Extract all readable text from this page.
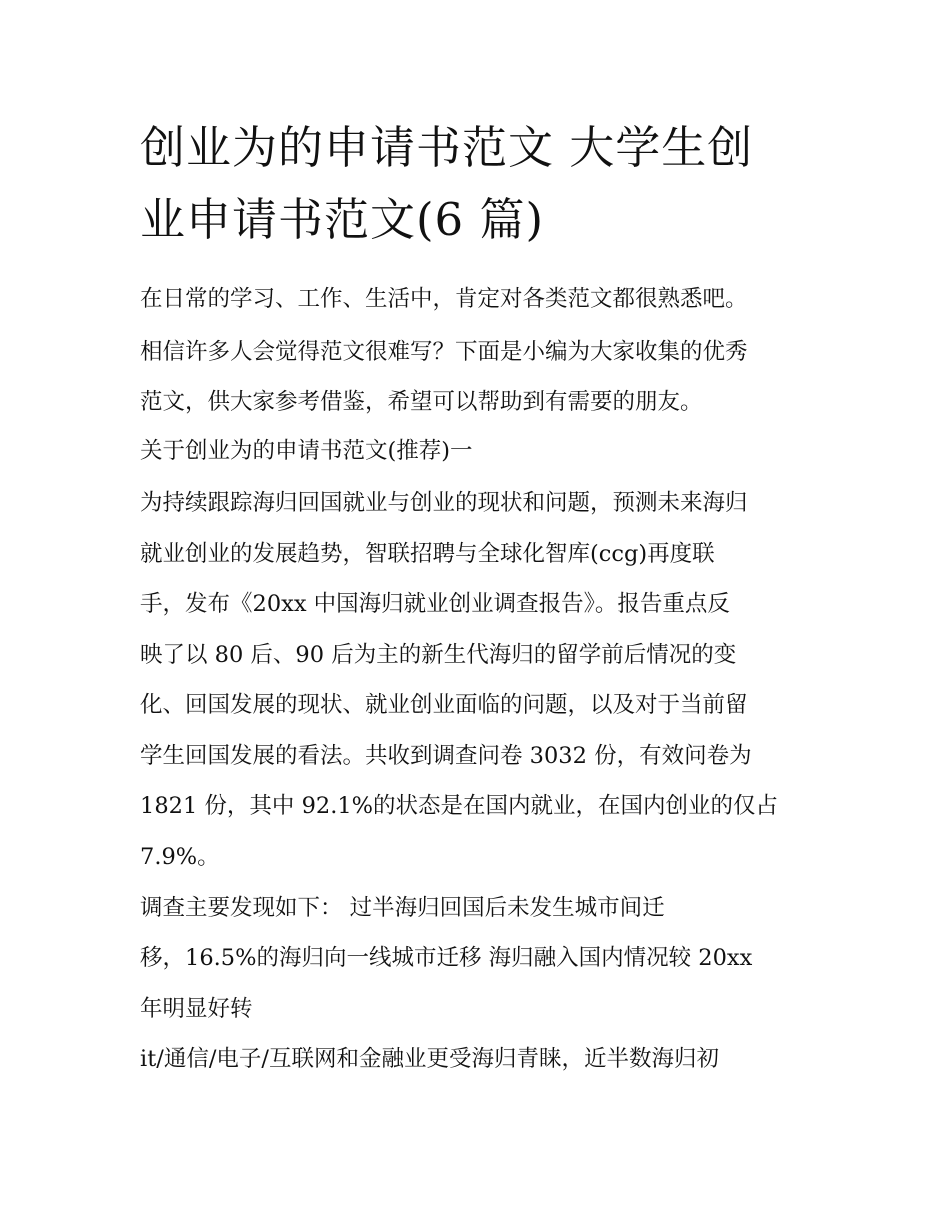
创业为的申请书范文 大学生创
业申请书范文(6 篇)

在日常的学习、工作、生活中，肯定对各类范文都很熟悉吧。

相信许多人会觉得范文很难写？下面是小编为大家收集的优秀

范文，供大家参考借鉴，希望可以帮助到有需要的朋友。

关于创业为的申请书范文(推荐)一

为持续跟踪海归回国就业与创业的现状和问题，预测未来海归

就业创业的发展趋势，智联招聘与全球化智库(ccg)再度联

手，发布《20xx 中国海归就业创业调查报告》。报告重点反

映了以 80 后、90 后为主的新生代海归的留学前后情况的变

化、回国发展的现状、就业创业面临的问题，以及对于当前留

学生回国发展的看法。共收到调查问卷 3032 份，有效问卷为

1821 份，其中 92.1%的状态是在国内就业，在国内创业的仅占

7.9%。

调查主要发现如下： 过半海归回国后未发生城市间迁

移，16.5%的海归向一线城市迁移 海归融入国内情况较 20xx

年明显好转

it/通信/电子/互联网和金融业更受海归青睐，近半数海归初
